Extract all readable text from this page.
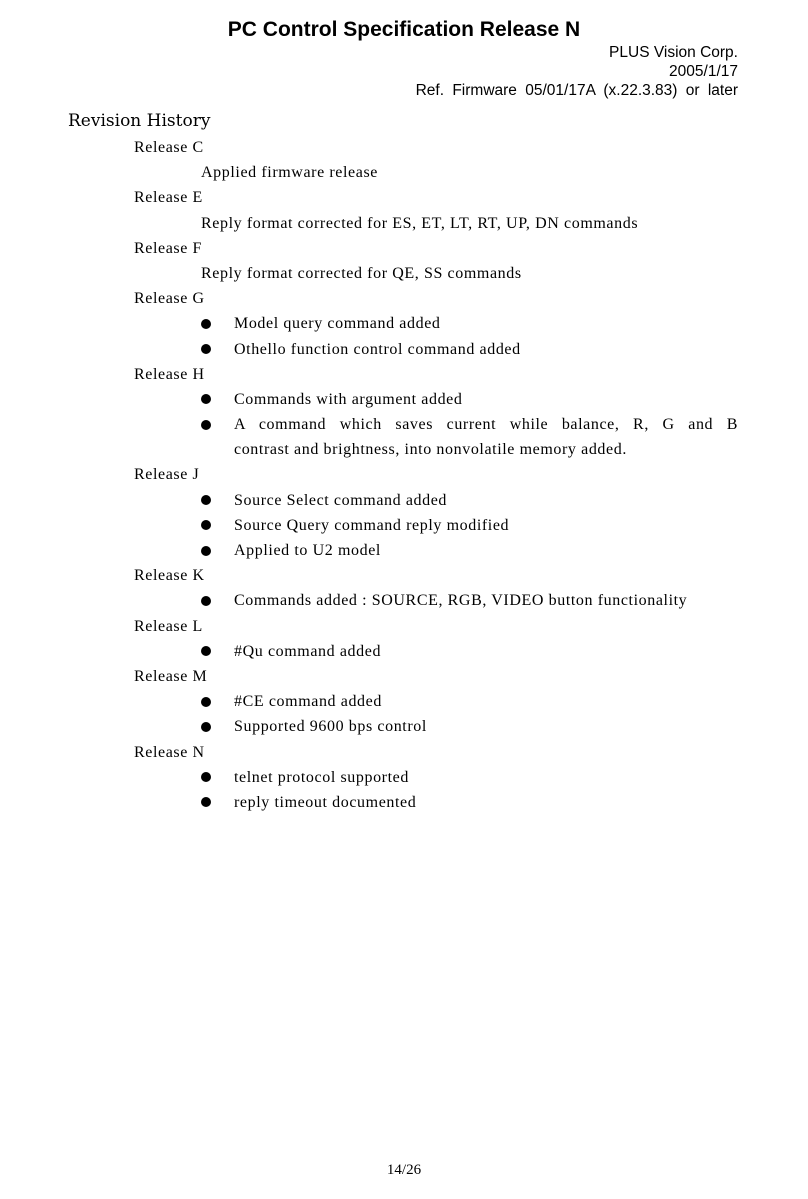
PC Control Specification Release N
PLUS Vision Corp.
2005/1/17
Ref. Firmware 05/01/17A (x.22.3.83) or later
Revision History
Release C
Applied firmware release
Release E
Reply format corrected for ES, ET, LT, RT, UP, DN commands
Release F
Reply format corrected for QE, SS commands
Release G
Model query command added
Othello function control command added
Release H
Commands with argument added
A command which saves current while balance, R, G and B
contrast and brightness, into nonvolatile memory added.
Release J
Source Select command added
Source Query command reply modified
Applied to U2 model
Release K
Commands added : SOURCE, RGB, VIDEO button functionality
Release L
#Qu command added
Release M
#CE command added
Supported 9600 bps control
Release N
telnet protocol supported
reply timeout documented
14/26
